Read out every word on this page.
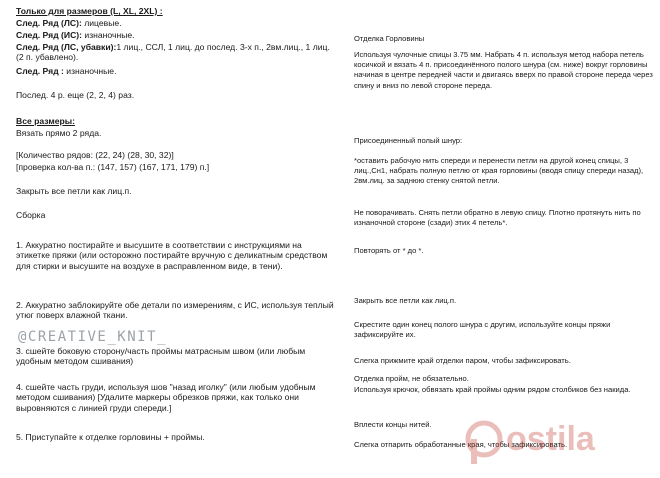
Только для размеров (L, XL, 2XL) :

След. Ряд (ЛС): лицевые.

След. Ряд (ИС): изнаночные.

След. Ряд (ЛС, убавки):1 лиц., ССЛ, 1 лиц. до послед. 3-х п., 2вм.лиц., 1 лиц. (2 п. убавлено).

След. Ряд : изнаночные.

Послед. 4 р. еще (2, 2, 4) раз.

Все размеры:

Вязать прямо 2 ряда.

[Количество рядов: (22, 24) (28, 30, 32)]

[проверка кол-ва п.: (147, 157) (167, 171, 179) п.]

Закрыть все петли как лиц.п.

Сборка

1. Аккуратно постирайте и высушите в соответствии с инструкциями на этикетке пряжи (или осторожно постирайте вручную с деликатным средством для стирки и высушите на воздухе в расправленном виде, в тени).

2. Аккуратно заблокируйте обе детали по измерениям, с ИС, используя теплый утюг поверх влажной ткани.

3. сшейте боковую сторону/часть проймы матрасным швом (или любым удобным методом сшивания)

4. сшейте часть груди, используя шов "назад иголку" (или любым удобным методом сшивания) [Удалите маркеры обрезков пряжи, как только они выровняются с линией груди спереди.]

5. Приступайте к отделке горловины + проймы.

Отделка Горловины

Используя чулочные спицы 3.75 мм. Набрать 4 п. используя метод набора петель косичкой и вязать 4 п. присоединённого полого шнура (см. ниже) вокруг горловины начиная в центре передней части и двигаясь вверх по правой стороне переда через спину и вниз по левой стороне переда.

Присоединенный полый шнур:

*оставить рабочую нить спереди и перенести петли на другой конец спицы, 3 лиц.,Сн1, набрать полную петлю от края горловины (вводя спицу спереди назад), 2вм.лиц. за заднюю стенку снятой петли.

Не поворачивать. Снять петли обратно в левую спицу. Плотно протянуть нить по изнаночной стороне (сзади) этих 4 петель*.

Повторять от * до *.

Закрыть все петли как лиц.п.

Скрестите один конец полого шнура с другим, используйте концы пряжи зафиксируйте их.

Слегка прижмите край отделки паром, чтобы зафиксировать.

Отделка пройм, не обязательно.

Используя крючок, обвязать край проймы одним рядом столбиков без накида.

Вплести концы нитей.

Слегка отпарить обработанные края, чтобы зафиксировать.

@CREATIVE_KNIT_
ostila
